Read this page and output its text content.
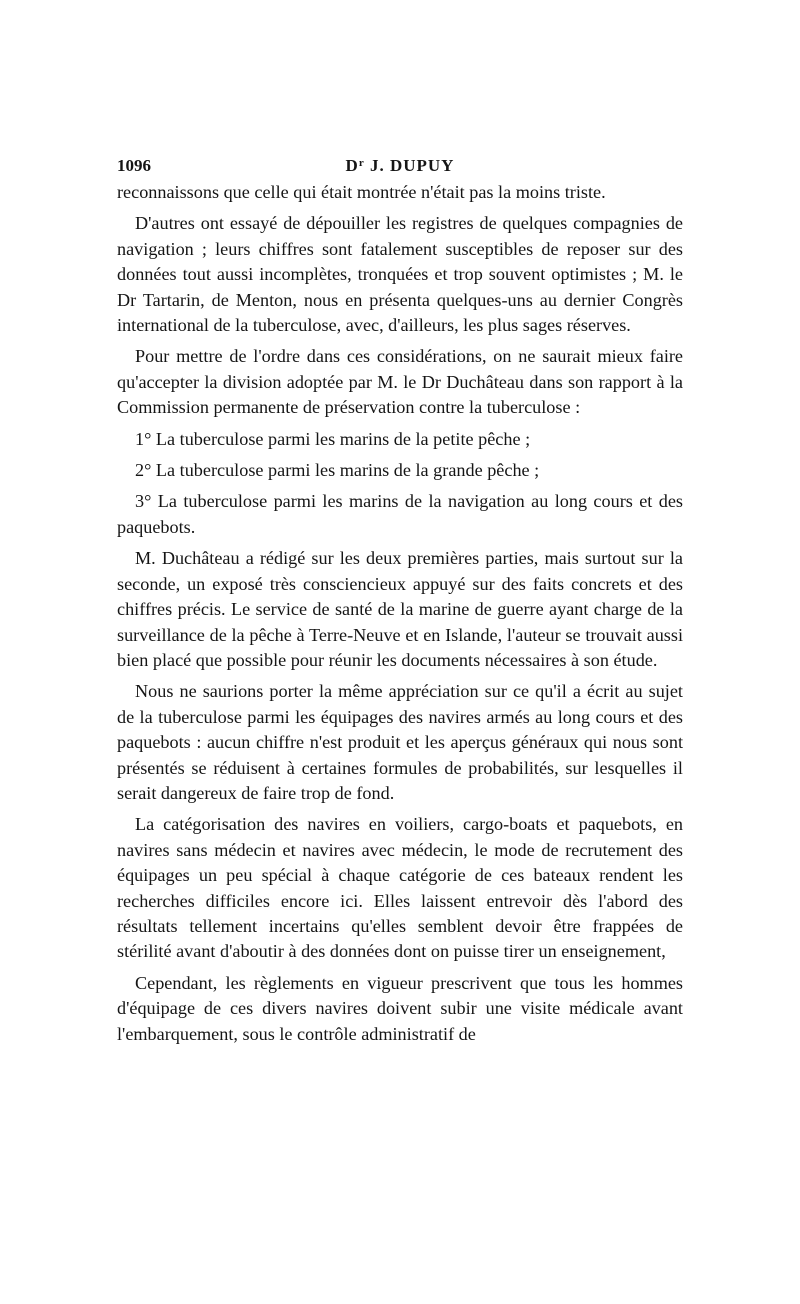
1096	$D^r$ J. DUPUY

reconnaissons que celle qui était montrée n'était pas la moins triste.

D'autres ont essayé de dépouiller les registres de quelques compagnies de navigation ; leurs chiffres sont fatalement susceptibles de reposer sur des données tout aussi incomplètes, tronquées et trop souvent optimistes ; M. le Dr Tartarin, de Menton, nous en présenta quelques-uns au dernier Congrès international de la tuberculose, avec, d'ailleurs, les plus sages réserves.

Pour mettre de l'ordre dans ces considérations, on ne saurait mieux faire qu'accepter la division adoptée par M. le Dr Duchâteau dans son rapport à la Commission permanente de préservation contre la tuberculose :

1° La tuberculose parmi les marins de la petite pêche ;

2° La tuberculose parmi les marins de la grande pêche ;

3° La tuberculose parmi les marins de la navigation au long cours et des paquebots.

M. Duchâteau a rédigé sur les deux premières parties, mais surtout sur la seconde, un exposé très consciencieux appuyé sur des faits concrets et des chiffres précis. Le service de santé de la marine de guerre ayant charge de la surveillance de la pêche à Terre-Neuve et en Islande, l'auteur se trouvait aussi bien placé que possible pour réunir les documents nécessaires à son étude.

Nous ne saurions porter la même appréciation sur ce qu'il a écrit au sujet de la tuberculose parmi les équipages des navires armés au long cours et des paquebots : aucun chiffre n'est produit et les aperçus généraux qui nous sont présentés se réduisent à certaines formules de probabilités, sur lesquelles il serait dangereux de faire trop de fond.

La catégorisation des navires en voiliers, cargo-boats et paquebots, en navires sans médecin et navires avec médecin, le mode de recrutement des équipages un peu spécial à chaque catégorie de ces bateaux rendent les recherches difficiles encore ici. Elles laissent entrevoir dès l'abord des résultats tellement incertains qu'elles semblent devoir être frappées de stérilité avant d'aboutir à des données dont on puisse tirer un enseignement,

Cependant, les règlements en vigueur prescrivent que tous les hommes d'équipage de ces divers navires doivent subir une visite médicale avant l'embarquement, sous le contrôle administratif de
